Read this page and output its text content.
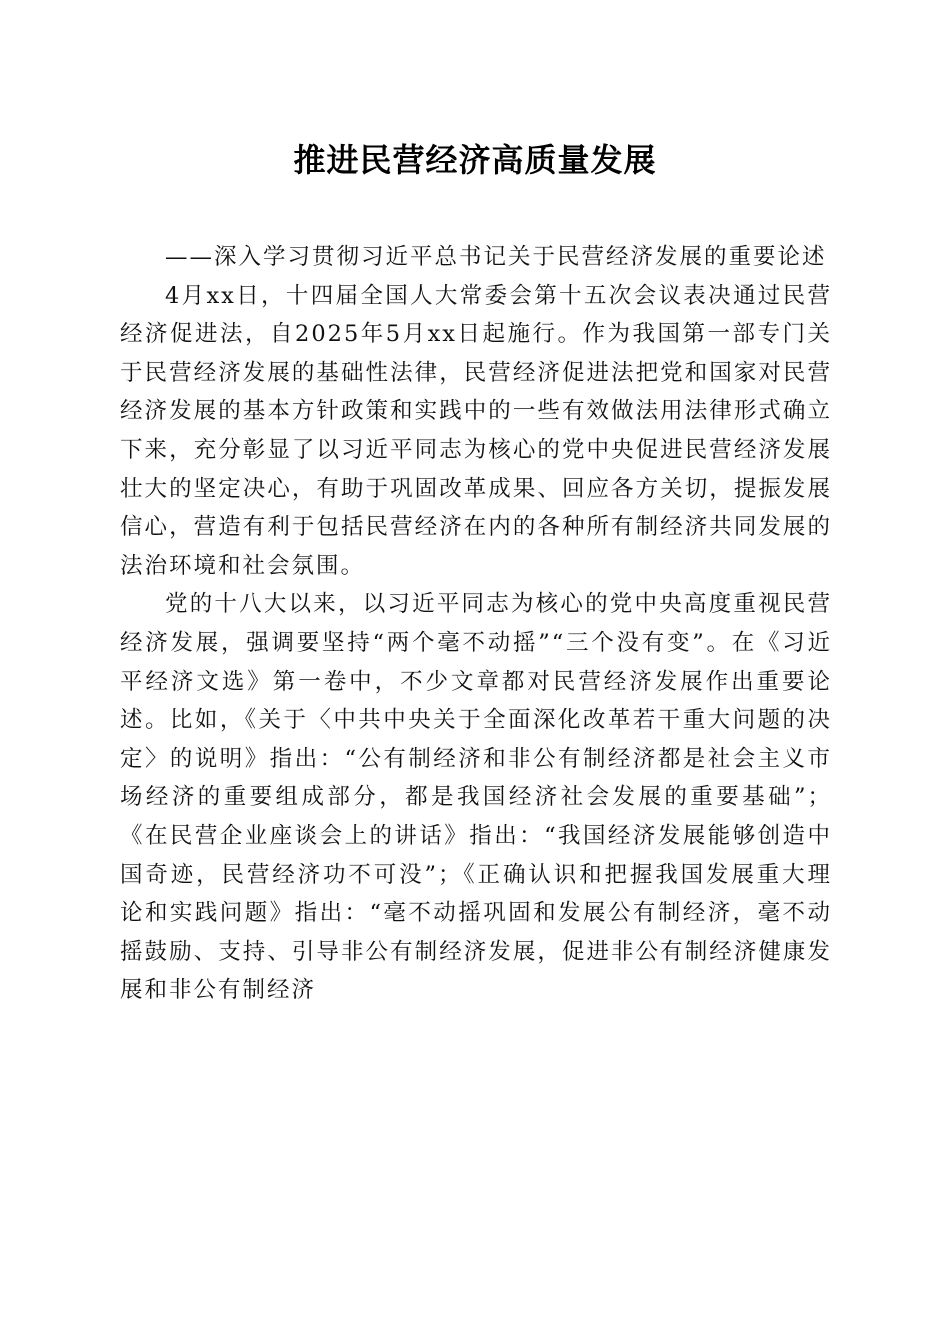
推进民营经济高质量发展

——深入学习贯彻习近平总书记关于民营经济发展的重要论述

4月xx日，十四届全国人大常委会第十五次会议表决通过民营经济促进法，自2025年5月xx日起施行。作为我国第一部专门关于民营经济发展的基础性法律，民营经济促进法把党和国家对民营经济发展的基本方针政策和实践中的一些有效做法用法律形式确立下来，充分彰显了以习近平同志为核心的党中央促进民营经济发展壮大的坚定决心，有助于巩固改革成果、回应各方关切，提振发展信心，营造有利于包括民营经济在内的各种所有制经济共同发展的法治环境和社会氛围。

党的十八大以来，以习近平同志为核心的党中央高度重视民营经济发展，强调要坚持“两个毫不动摇”“三个没有变”。在《习近平经济文选》第一卷中，不少文章都对民营经济发展作出重要论述。比如，《关于〈中共中央关于全面深化改革若干重大问题的决定〉的说明》指出：“公有制经济和非公有制经济都是社会主义市场经济的重要组成部分，都是我国经济社会发展的重要基础”；《在民营企业座谈会上的讲话》指出：“我国经济发展能够创造中国奇迹，民营经济功不可没”；《正确认识和把握我国发展重大理论和实践问题》指出：“毫不动摇巩固和发展公有制经济，毫不动摇鼓励、支持、引导非公有制经济发展，促进非公有制经济健康发展和非公有制经济
